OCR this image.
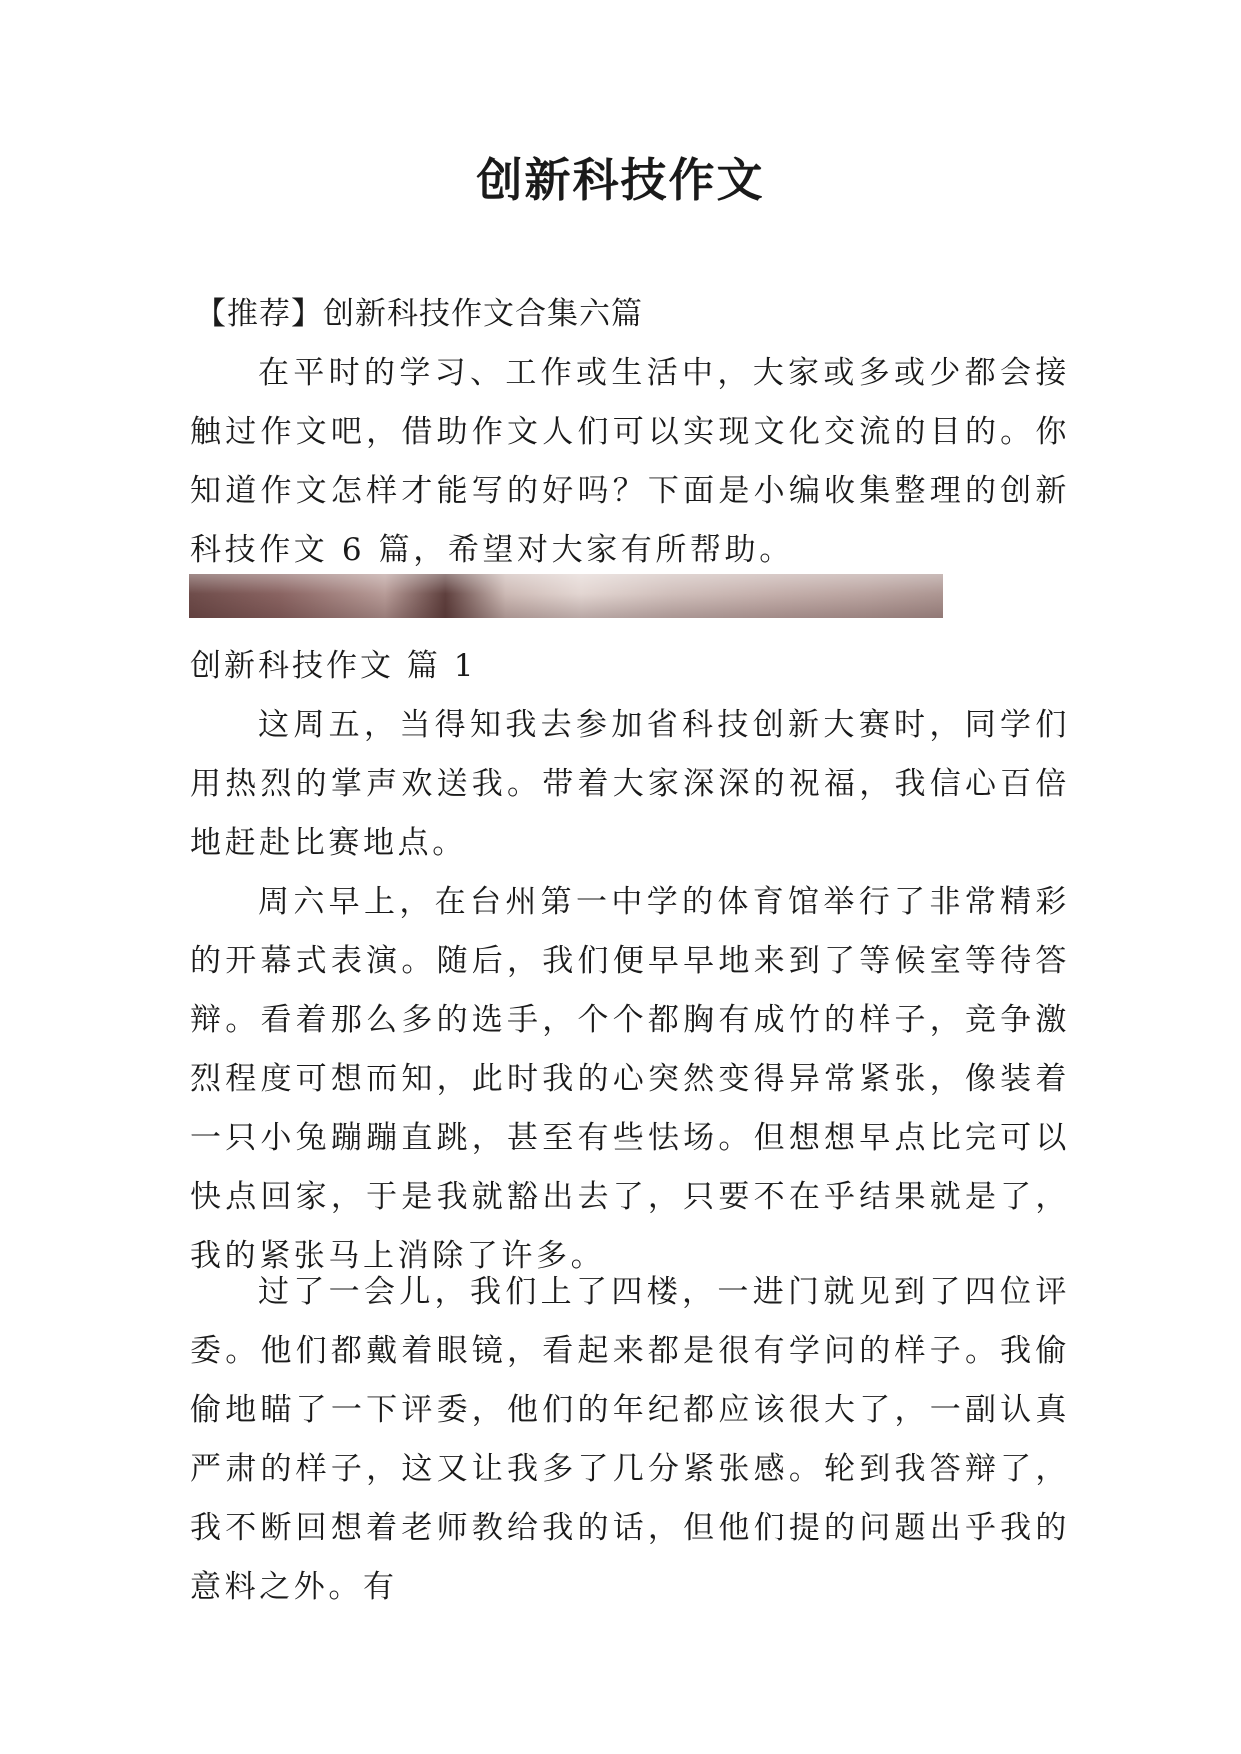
创新科技作文

【推荐】创新科技作文合集六篇

在平时的学习、工作或生活中，大家或多或少都会接触过作文吧，借助作文人们可以实现文化交流的目的。你知道作文怎样才能写的好吗？下面是小编收集整理的创新科技作文 6 篇，希望对大家有所帮助。

创新科技作文 篇 1

这周五，当得知我去参加省科技创新大赛时，同学们用热烈的掌声欢送我。带着大家深深的祝福，我信心百倍地赶赴比赛地点。

周六早上，在台州第一中学的体育馆举行了非常精彩的开幕式表演。随后，我们便早早地来到了等候室等待答辩。看着那么多的选手，个个都胸有成竹的样子，竞争激烈程度可想而知，此时我的心突然变得异常紧张，像装着一只小兔蹦蹦直跳，甚至有些怯场。但想想早点比完可以快点回家，于是我就豁出去了，只要不在乎结果就是了，我的紧张马上消除了许多。

过了一会儿，我们上了四楼，一进门就见到了四位评委。他们都戴着眼镜，看起来都是很有学问的样子。我偷偷地瞄了一下评委，他们的年纪都应该很大了，一副认真严肃的样子，这又让我多了几分紧张感。轮到我答辩了，我不断回想着老师教给我的话，但他们提的问题出乎我的意料之外。有
